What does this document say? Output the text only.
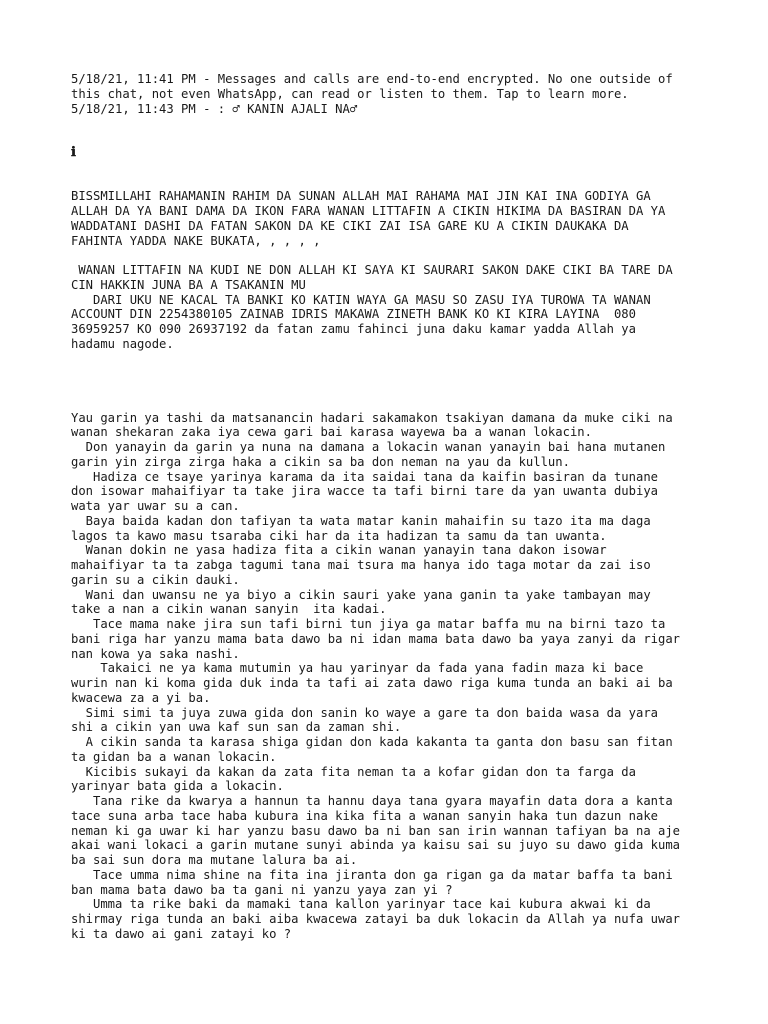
5/18/21, 11:41 PM - Messages and calls are end-to-end encrypted. No one outside of
this chat, not even WhatsApp, can read or listen to them. Tap to learn more.
5/18/21, 11:43 PM - : ♂ KANIN AJALI NA♂
ℹ
BISSMILLAHI RAHAMANIN RAHIM DA SUNAN ALLAH MAI RAHAMA MAI JIN KAI INA GODIYA GA
ALLAH DA YA BANI DAMA DA IKON FARA WANAN LITTAFIN A CIKIN HIKIMA DA BASIRAN DA YA
WADDATANI DASHI DA FATAN SAKON DA KE CIKI ZAI ISA GARE KU A CIKIN DAUKAKA DA
FAHINTA YADDA NAKE BUKATA, , , , ,
WANAN LITTAFIN NA KUDI NE DON ALLAH KI SAYA KI SAURARI SAKON DAKE CIKI BA TARE DA
CIN HAKKIN JUNA BA A TSAKANIN MU
DARI UKU NE KACAL TA BANKI KO KATIN WAYA GA MASU SO ZASU IYA TUROWA TA WANAN
ACCOUNT DIN 2254380105 ZAINAB IDRIS MAKAWA ZINETH BANK KO KI KIRA LAYINA  080
36959257 KO 090 26937192 da fatan zamu fahinci juna daku kamar yadda Allah ya
hadamu nagode.
Yau garin ya tashi da matsanancin hadari sakamakon tsakiyan damana da muke ciki na
wanan shekaran zaka iya cewa gari bai karasa wayewa ba a wanan lokacin.
Don yanayin da garin ya nuna na damana a lokacin wanan yanayin bai hana mutanen
garin yin zirga zirga haka a cikin sa ba don neman na yau da kullun.
Hadiza ce tsaye yarinya karama da ita saidai tana da kaifin basiran da tunane
don isowar mahaifiyar ta take jira wacce ta tafi birni tare da yan uwanta dubiya
wata yar uwar su a can.
Baya baida kadan don tafiyan ta wata matar kanin mahaifin su tazo ita ma daga
lagos ta kawo masu tsaraba ciki har da ita hadizan ta samu da tan uwanta.
Wanan dokin ne yasa hadiza fita a cikin wanan yanayin tana dakon isowar
mahaifiyar ta ta zabga tagumi tana mai tsura ma hanya ido taga motar da zai iso
garin su a cikin dauki.
Wani dan uwansu ne ya biyo a cikin sauri yake yana ganin ta yake tambayan may
take a nan a cikin wanan sanyin  ita kadai.
Tace mama nake jira sun tafi birni tun jiya ga matar baffa mu na birni tazo ta
bani riga har yanzu mama bata dawo ba ni idan mama bata dawo ba yaya zanyi da rigar
nan kowa ya saka nashi.
Takaici ne ya kama mutumin ya hau yarinyar da fada yana fadin maza ki bace
wurin nan ki koma gida duk inda ta tafi ai zata dawo riga kuma tunda an baki ai ba
kwacewa za a yi ba.
Simi simi ta juya zuwa gida don sanin ko waye a gare ta don baida wasa da yara
shi a cikin yan uwa kaf sun san da zaman shi.
A cikin sanda ta karasa shiga gidan don kada kakanta ta ganta don basu san fitan
ta gidan ba a wanan lokacin.
Kicibis sukayi da kakan da zata fita neman ta a kofar gidan don ta farga da
yarinyar bata gida a lokacin.
Tana rike da kwarya a hannun ta hannu daya tana gyara mayafin data dora a kanta
tace suna arba tace haba kubura ina kika fita a wanan sanyin haka tun dazun nake
neman ki ga uwar ki har yanzu basu dawo ba ni ban san irin wannan tafiyan ba na aje
akai wani lokaci a garin mutane sunyi abinda ya kaisu sai su juyo su dawo gida kuma
ba sai sun dora ma mutane lalura ba ai.
Tace umma nima shine na fita ina jiranta don ga rigan ga da matar baffa ta bani
ban mama bata dawo ba ta gani ni yanzu yaya zan yi ?
Umma ta rike baki da mamaki tana kallon yarinyar tace kai kubura akwai ki da
shirmay riga tunda an baki aiba kwacewa zatayi ba duk lokacin da Allah ya nufa uwar
ki ta dawo ai gani zatayi ko ?
